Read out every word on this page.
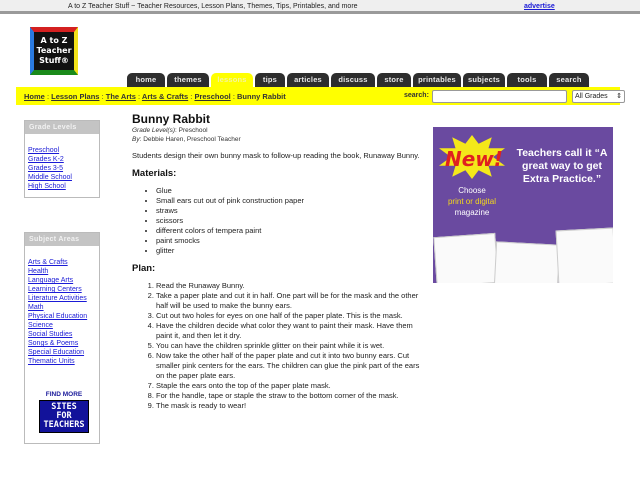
A to Z Teacher Stuff ~ Teacher Resources, Lesson Plans, Themes, Tips, Printables, and more	advertise
A to Z
Teacher
Stuff®
home	themes	lessons	tips	articles	discuss	store	printables	subjects	tools	search
Home : Lesson Plans : The Arts : Arts & Crafts : Preschool : Bunny Rabbit	search:	All Grades ⇕
Grade Levels
Preschool
Grades K-2
Grades 3-5
Middle School
High School
Subject Areas
Arts & Crafts
Health
Language Arts
Learning Centers
Literature Activities
Math
Physical Education
Science
Social Studies
Songs & Poems
Special Education
Thematic Units
FIND MORE
SITES FOR
TEACHERS
Bunny Rabbit
Grade Level(s): Preschool
By: Debbie Haren, Preschool Teacher

Students design their own bunny mask to follow-up reading the book, Runaway Bunny.

Materials:
• Glue
• Small ears cut out of pink construction paper
• straws
• scissors
• different colors of tempera paint
• paint smocks
• glitter
Plan:
1. Read the Runaway Bunny.
2. Take a paper plate and cut it in half. One part will be for the mask and the other half will be used to make the bunny ears.
3. Cut out two holes for eyes on one half of the paper plate. This is the mask.
4. Have the children decide what color they want to paint their mask. Have them paint it, and then let it dry.
5. You can have the children sprinkle glitter on their paint while it is wet.
6. Now take the other half of the paper plate and cut it into two bunny ears. Cut smaller pink centers for the ears. The children can glue the pink part of the ears on the paper plate ears.
7. Staple the ears onto the top of the paper plate mask.
8. For the handle, tape or staple the straw to the bottom corner of the mask.
9. The mask is ready to wear!
New!
Choose
print or digital
magazine
Teachers call it “A great way to get Extra Practice.”
